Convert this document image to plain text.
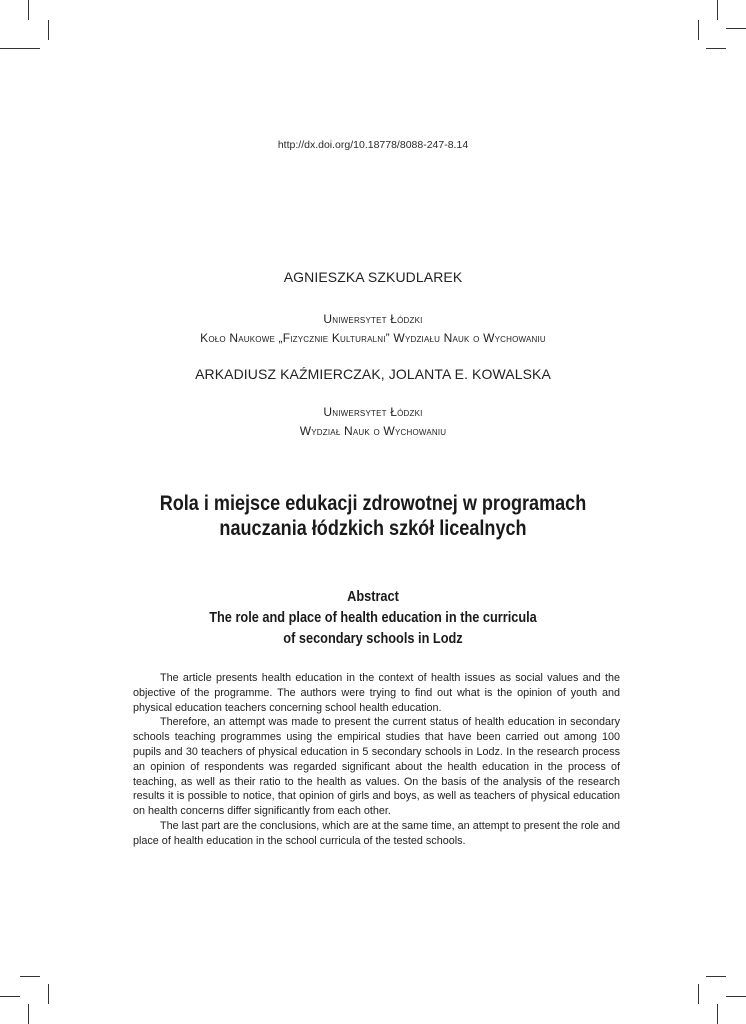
http://dx.doi.org/10.18778/8088-247-8.14
AGNIESZKA SZKUDLAREK
Uniwersytet Łódzki
Koło Naukowe „Fizycznie Kulturalni” Wydziału Nauk o Wychowaniu
ARKADIUSZ KAŹMIERCZAK, JOLANTA E. KOWALSKA
Uniwersytet Łódzki
Wydział Nauk o Wychowaniu
Rola i miejsce edukacji zdrowotnej w programach
nauczania łódzkich szkół licealnych
Abstract
The role and place of health education in the curricula
of secondary schools in Lodz

The article presents health education in the context of health issues as social values and the objective of the programme. The authors were trying to find out what is the opinion of youth and physical education teachers concerning school health education.

Therefore, an attempt was made to present the current status of health education in secondary schools teaching programmes using the empirical studies that have been carried out among 100 pupils and 30 teachers of physical education in 5 secondary schools in Lodz. In the research process an opinion of respondents was regarded significant about the health education in the process of teaching, as well as their ratio to the health as values. On the basis of the analysis of the research results it is possible to notice, that opinion of girls and boys, as well as teachers of physical education on health concerns differ significantly from each other.

The last part are the conclusions, which are at the same time, an attempt to present the role and place of health education in the school curricula of the tested schools.
